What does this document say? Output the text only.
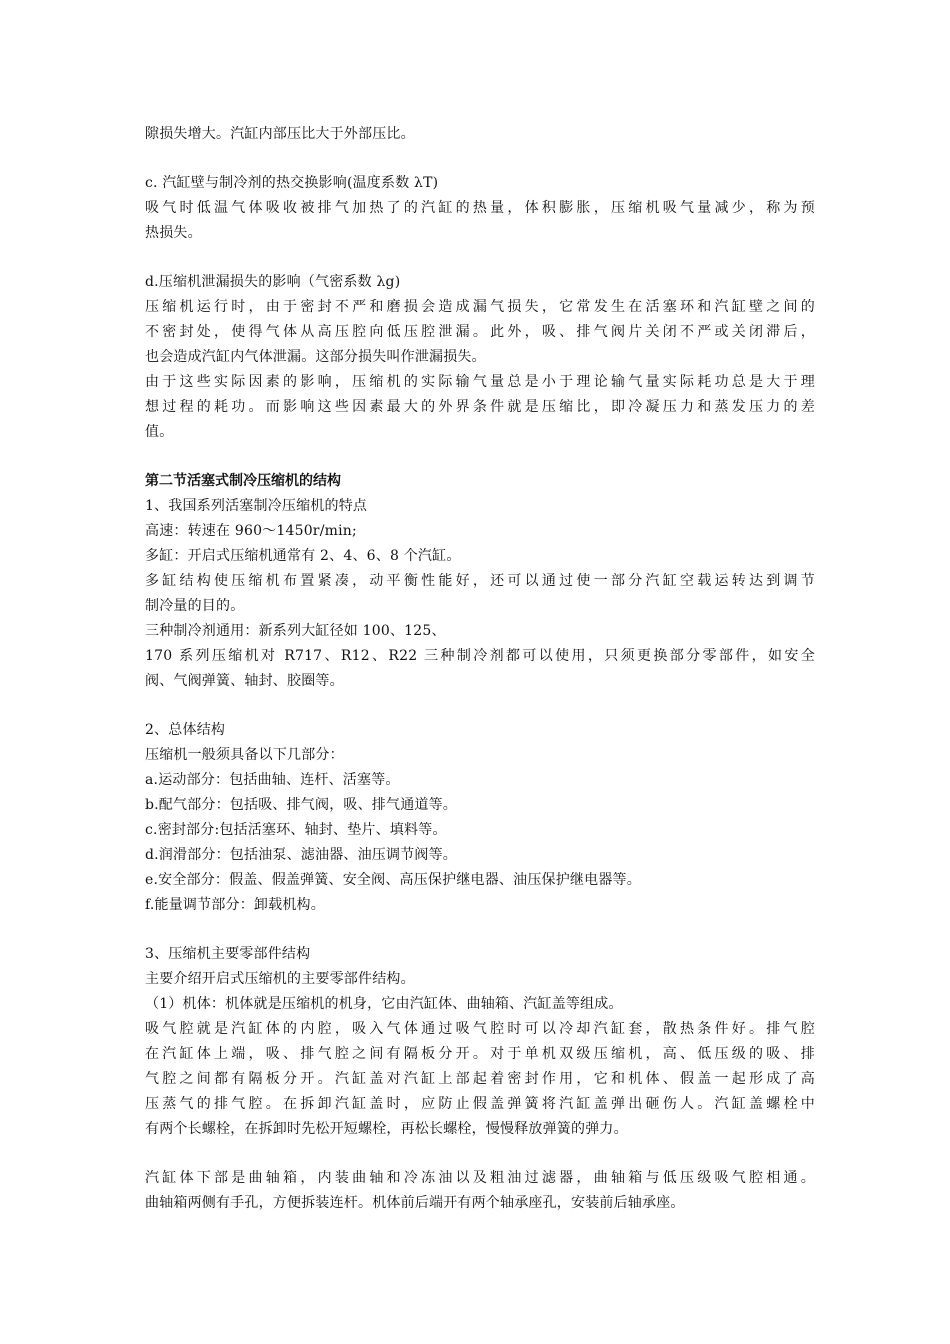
隙损失增大。汽缸内部压比大于外部压比。
c. 汽缸壁与制冷剂的热交换影响(温度系数 λT)
吸气时低温气体吸收被排气加热了的汽缸的热量，体积膨胀，压缩机吸气量减少，称为预
热损失。
d.压缩机泄漏损失的影响（气密系数 λg)
压缩机运行时，由于密封不严和磨损会造成漏气损失，它常发生在活塞环和汽缸壁之间的
不密封处，使得气体从高压腔向低压腔泄漏。此外，吸、排气阀片关闭不严或关闭滞后，
也会造成汽缸内气体泄漏。这部分损失叫作泄漏损失。
由于这些实际因素的影响，压缩机的实际输气量总是小于理论输气量实际耗功总是大于理
想过程的耗功。而影响这些因素最大的外界条件就是压缩比，即冷凝压力和蒸发压力的差
值。
第二节活塞式制冷压缩机的结构
1、我国系列活塞制冷压缩机的特点
高速：转速在 960～1450r/min;
多缸：开启式压缩机通常有 2、4、6、8 个汽缸。
多缸结构使压缩机布置紧凑，动平衡性能好，还可以通过使一部分汽缸空载运转达到调节
制冷量的目的。
三种制冷剂通用：新系列大缸径如 100、125、
170 系列压缩机对 R717、R12、R22 三种制冷剂都可以使用，只须更换部分零部件，如安全
阀、气阀弹簧、轴封、胶圈等。
2、总体结构
压缩机一般须具备以下几部分：
a.运动部分：包括曲轴、连杆、活塞等。
b.配气部分：包括吸、排气阀，吸、排气通道等。
c.密封部分:包括活塞环、轴封、垫片、填料等。
d.润滑部分：包括油泵、滤油器、油压调节阀等。
e.安全部分：假盖、假盖弹簧、安全阀、高压保护继电器、油压保护继电器等。
f.能量调节部分：卸载机构。
3、压缩机主要零部件结构
主要介绍开启式压缩机的主要零部件结构。
（1）机体：机体就是压缩机的机身，它由汽缸体、曲轴箱、汽缸盖等组成。
吸气腔就是汽缸体的内腔，吸入气体通过吸气腔时可以冷却汽缸套，散热条件好。排气腔
在汽缸体上端，吸、排气腔之间有隔板分开。对于单机双级压缩机，高、低压级的吸、排
气腔之间都有隔板分开。汽缸盖对汽缸上部起着密封作用，它和机体、假盖一起形成了高
压蒸气的排气腔。在拆卸汽缸盖时，应防止假盖弹簧将汽缸盖弹出砸伤人。汽缸盖螺栓中
有两个长螺栓，在拆卸时先松开短螺栓，再松长螺栓，慢慢释放弹簧的弹力。
汽缸体下部是曲轴箱，内装曲轴和冷冻油以及粗油过滤器，曲轴箱与低压级吸气腔相通。
曲轴箱两侧有手孔，方便拆装连杆。机体前后端开有两个轴承座孔，安装前后轴承座。
